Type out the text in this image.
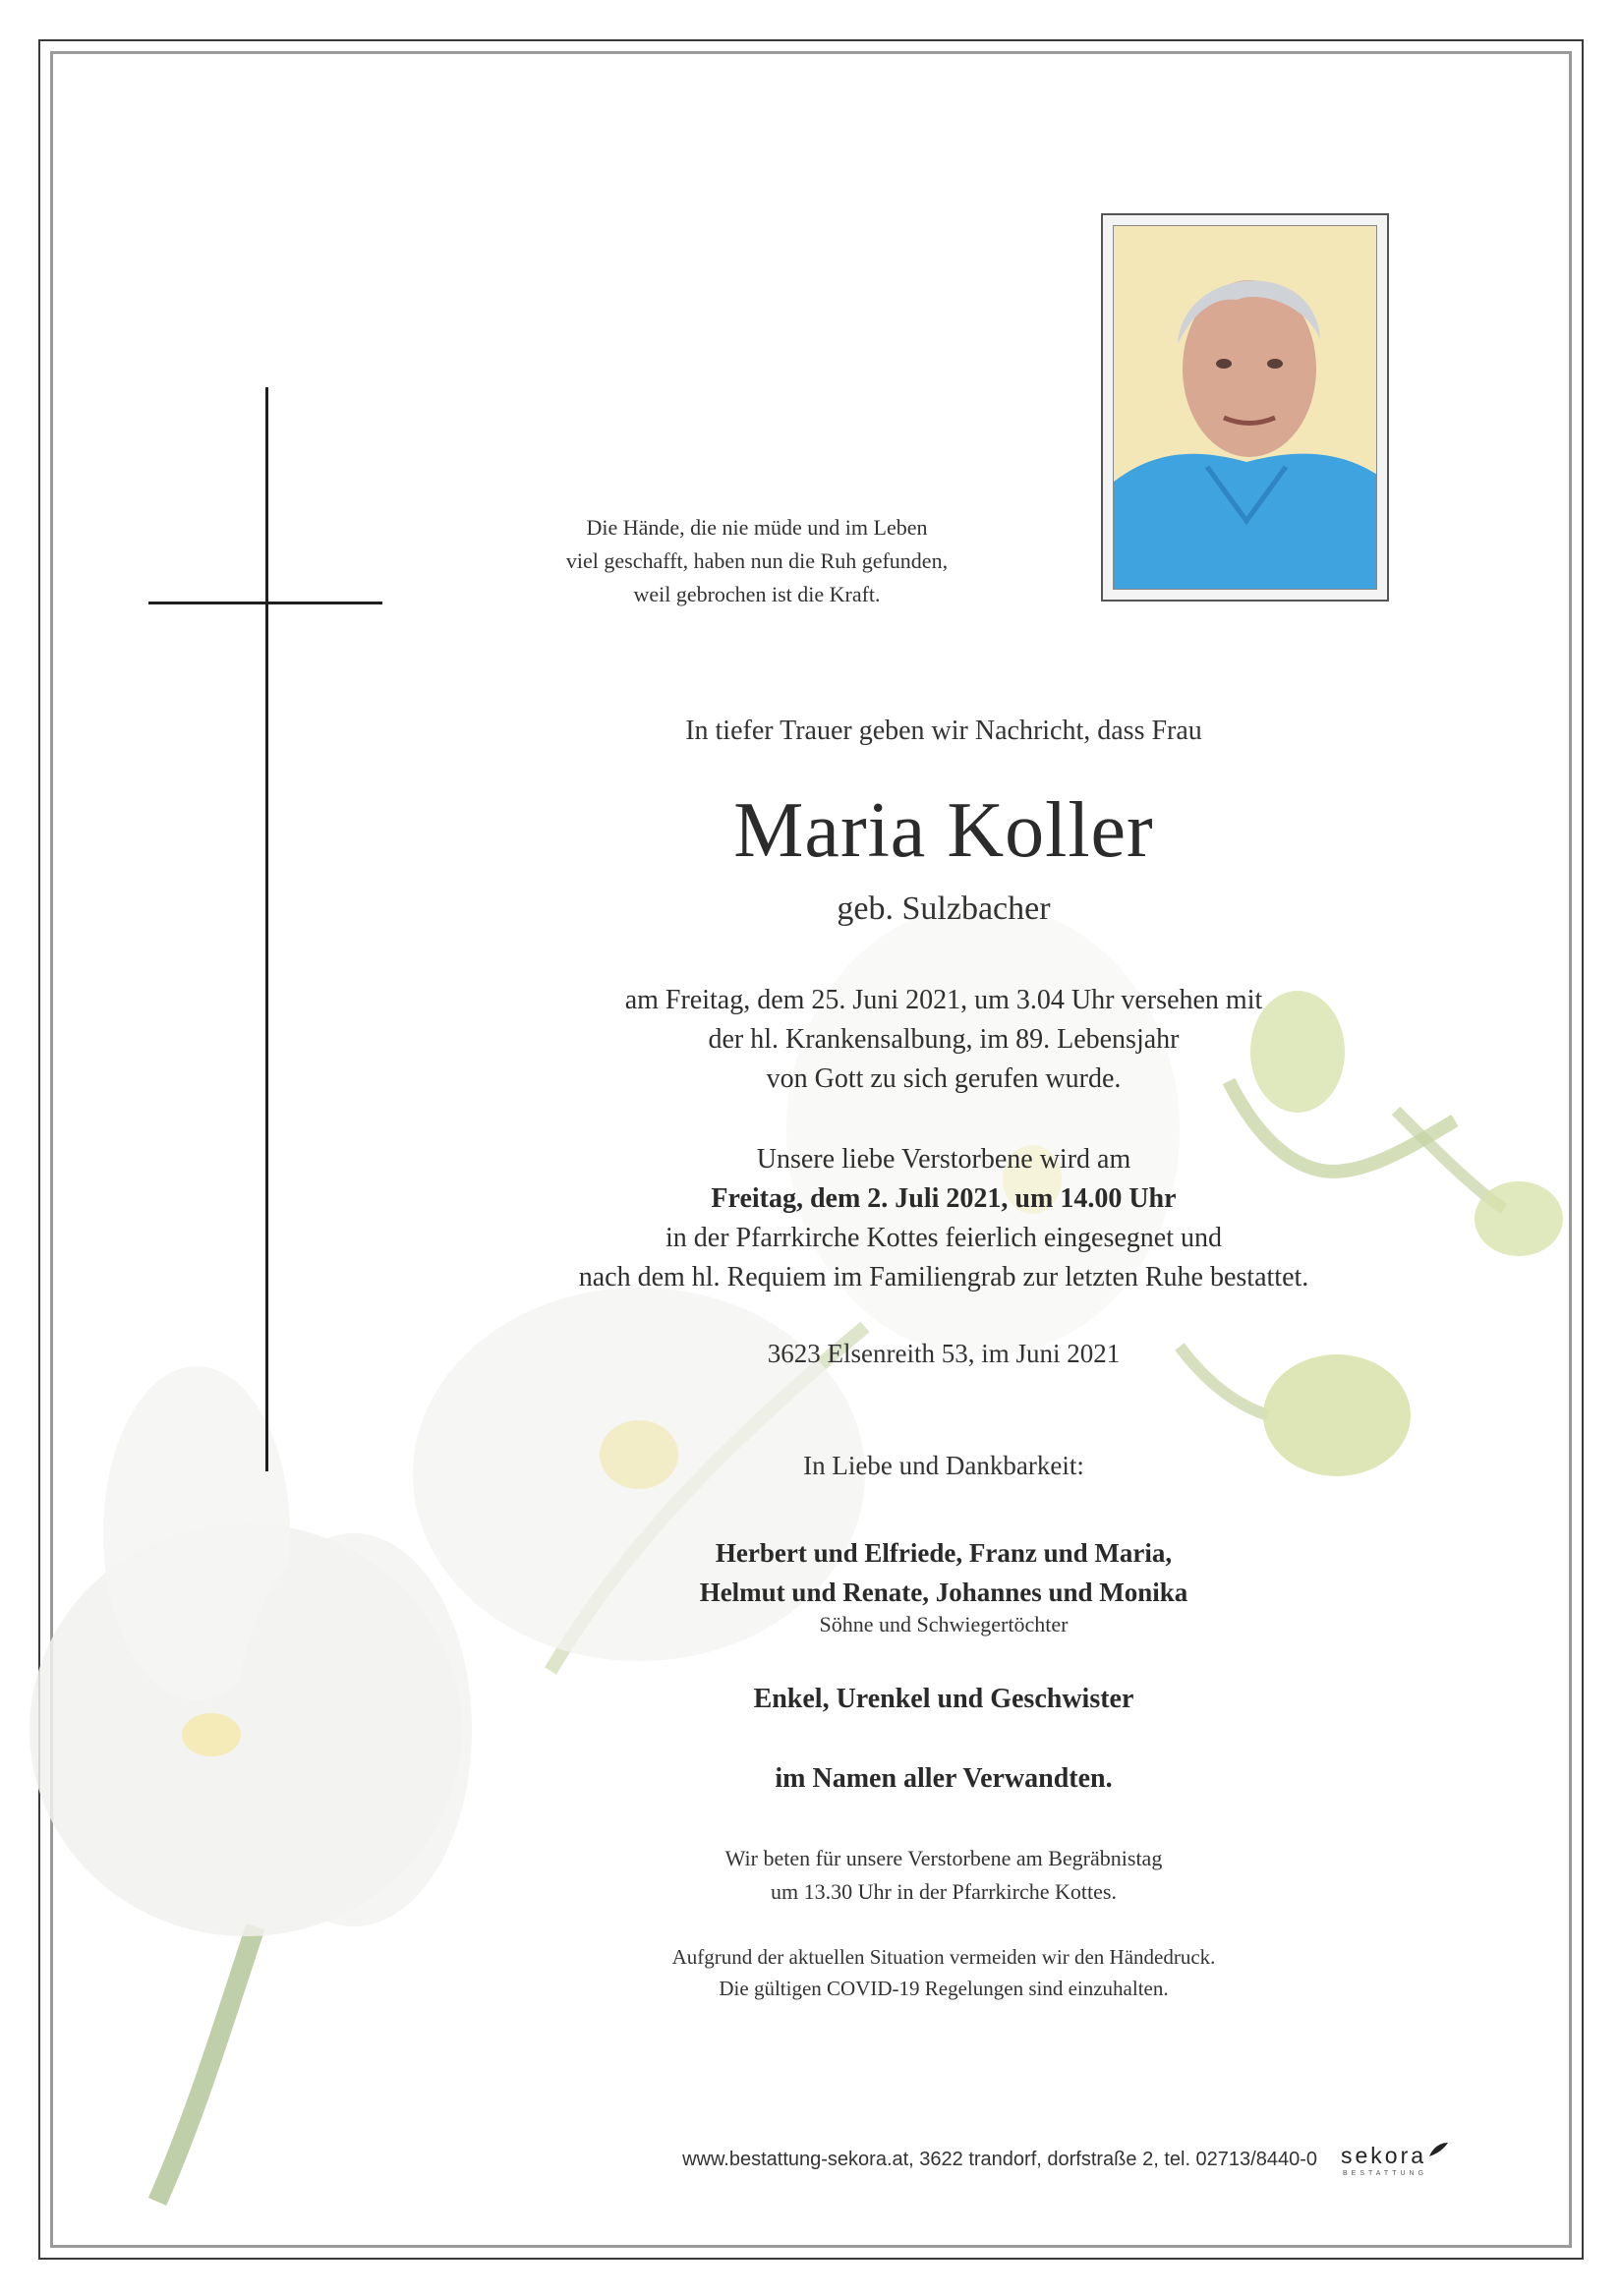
Die Hände, die nie müde und im Leben
viel geschafft, haben nun die Ruh gefunden,
weil gebrochen ist die Kraft.
In tiefer Trauer geben wir Nachricht, dass Frau
Maria Koller
geb. Sulzbacher
am Freitag, dem 25. Juni 2021, um 3.04 Uhr versehen mit
der hl. Krankensalbung, im 89. Lebensjahr
von Gott zu sich gerufen wurde.
Unsere liebe Verstorbene wird am
Freitag, dem 2. Juli 2021, um 14.00 Uhr
in der Pfarrkirche Kottes feierlich eingesegnet und
nach dem hl. Requiem im Familiengrab zur letzten Ruhe bestattet.
3623 Elsenreith 53, im Juni 2021
In Liebe und Dankbarkeit:
Herbert und Elfriede, Franz und Maria,
Helmut und Renate, Johannes und Monika
Söhne und Schwiegertöchter
Enkel, Urenkel und Geschwister
im Namen aller Verwandten.
Wir beten für unsere Verstorbene am Begräbnistag
um 13.30 Uhr in der Pfarrkirche Kottes.
Aufgrund der aktuellen Situation vermeiden wir den Händedruck.
Die gültigen COVID-19 Regelungen sind einzuhalten.
www.bestattung-sekora.at, 3622 trandorf, dorfstraße 2, tel. 02713/8440-0 sekora
BESTATTUNG
